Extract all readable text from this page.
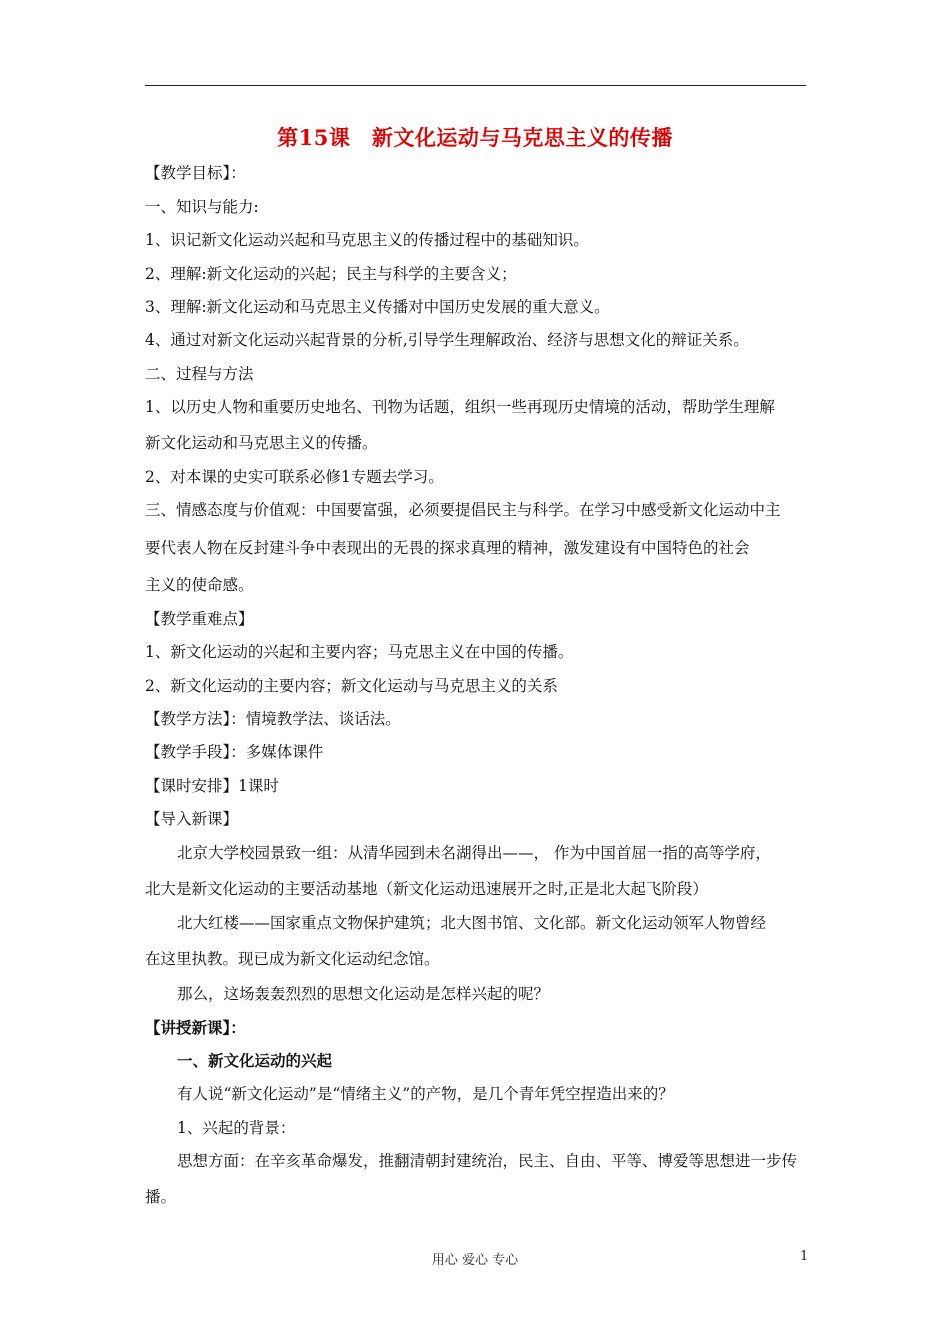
第15课　新文化运动与马克思主义的传播
【教学目标】：
一、知识与能力:
1、识记新文化运动兴起和马克思主义的传播过程中的基础知识。
2、理解:新文化运动的兴起；民主与科学的主要含义；
3、理解:新文化运动和马克思主义传播对中国历史发展的重大意义。
4、通过对新文化运动兴起背景的分析,引导学生理解政治、经济与思想文化的辩证关系。
二、过程与方法
1、以历史人物和重要历史地名、刊物为话题，组织一些再现历史情境的活动，帮助学生理解
新文化运动和马克思主义的传播。
2、对本课的史实可联系必修1专题去学习。
三、情感态度与价值观：中国要富强，必须要提倡民主与科学。在学习中感受新文化运动中主
要代表人物在反封建斗争中表现出的无畏的探求真理的精神，激发建设有中国特色的社会
主义的使命感。
【教学重难点】
1、新文化运动的兴起和主要内容；马克思主义在中国的传播。
2、新文化运动的主要内容；新文化运动与马克思主义的关系
【教学方法】：情境教学法、谈话法。
【教学手段】：多媒体课件
【课时安排】1课时
【导入新课】
北京大学校园景致一组：从清华园到未名湖得出——， 作为中国首屈一指的高等学府，
北大是新文化运动的主要活动基地（新文化运动迅速展开之时,正是北大起飞阶段）
北大红楼——国家重点文物保护建筑；北大图书馆、文化部。新文化运动领军人物曾经
在这里执教。现已成为新文化运动纪念馆。
那么，这场轰轰烈烈的思想文化运动是怎样兴起的呢？
【讲授新课】：
一、新文化运动的兴起
有人说“新文化运动”是“情绪主义”的产物，是几个青年凭空捏造出来的？
1、兴起的背景：
思想方面：在辛亥革命爆发，推翻清朝封建统治，民主、自由、平等、博爱等思想进一步传
播。
用心 爱心 专心	1
